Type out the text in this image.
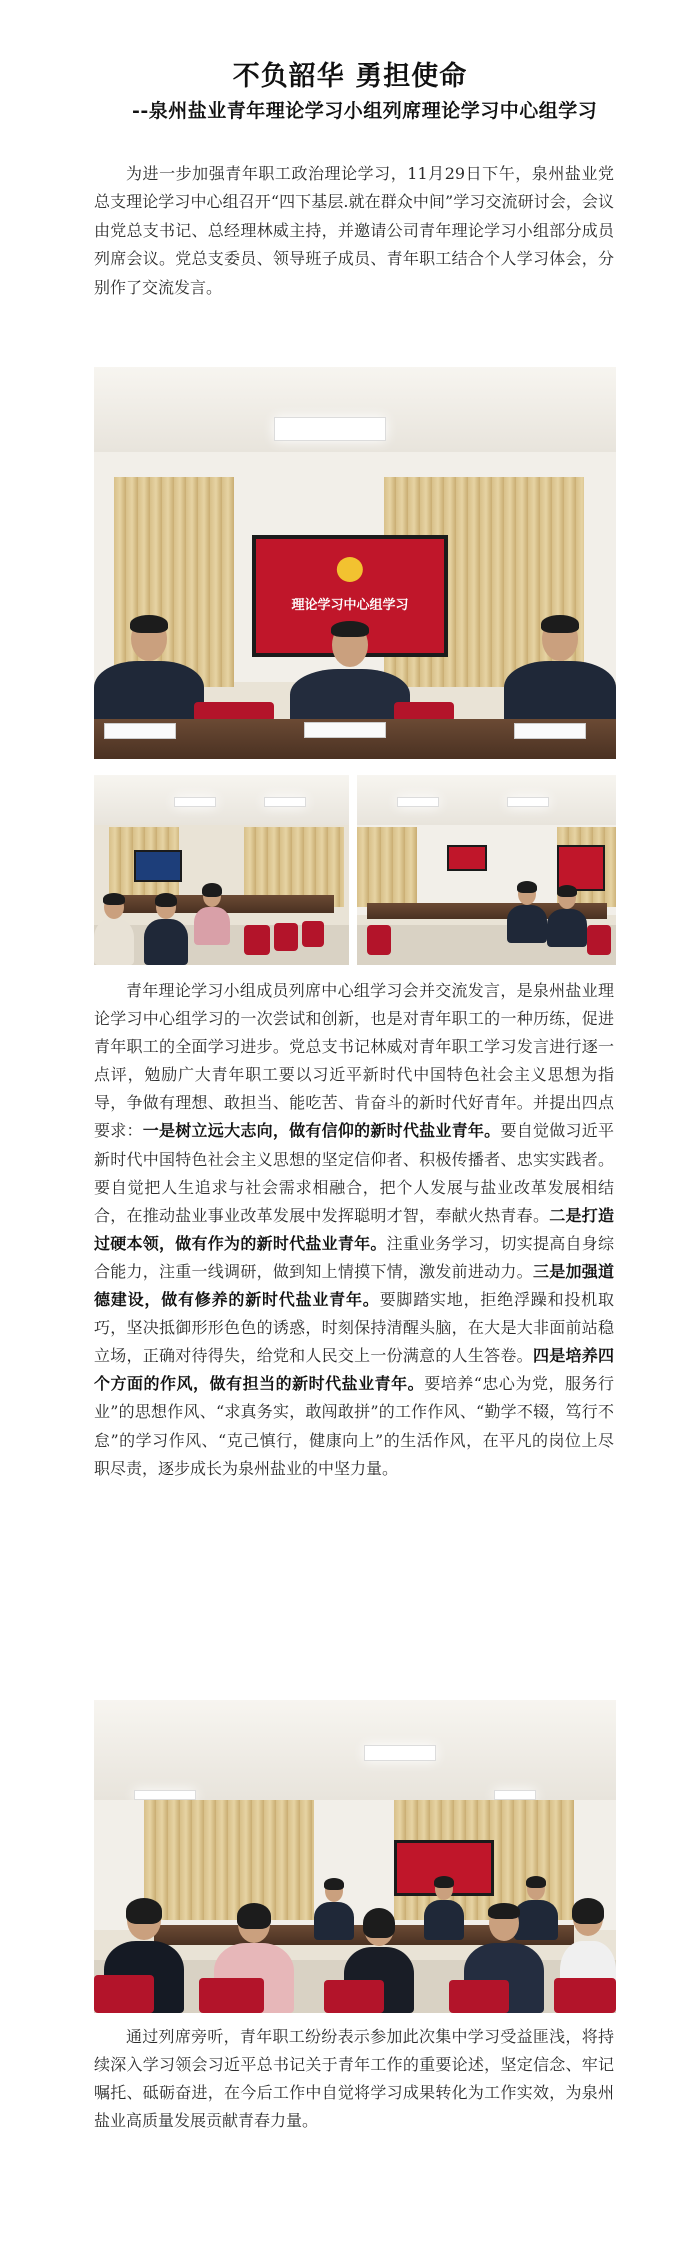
不负韶华 勇担使命

--泉州盐业青年理论学习小组列席理论学习中心组学习

为进一步加强青年职工政治理论学习，11月29日下午，泉州盐业党总支理论学习中心组召开“四下基层.就在群众中间”学习交流研讨会，会议由党总支书记、总经理林威主持，并邀请公司青年理论学习小组部分成员列席会议。党总支委员、领导班子成员、青年职工结合个人学习体会，分别作了交流发言。

理论学习中心组学习

青年理论学习小组成员列席中心组学习会并交流发言，是泉州盐业理论学习中心组学习的一次尝试和创新，也是对青年职工的一种历练，促进青年职工的全面学习进步。党总支书记林威对青年职工学习发言进行逐一点评，勉励广大青年职工要以习近平新时代中国特色社会主义思想为指导，争做有理想、敢担当、能吃苦、肯奋斗的新时代好青年。并提出四点要求：一是树立远大志向，做有信仰的新时代盐业青年。要自觉做习近平新时代中国特色社会主义思想的坚定信仰者、积极传播者、忠实实践者。要自觉把人生追求与社会需求相融合，把个人发展与盐业改革发展相结合，在推动盐业事业改革发展中发挥聪明才智，奉献火热青春。二是打造过硬本领，做有作为的新时代盐业青年。注重业务学习，切实提高自身综合能力，注重一线调研，做到知上情摸下情，激发前进动力。三是加强道德建设，做有修养的新时代盐业青年。要脚踏实地，拒绝浮躁和投机取巧，坚决抵御形形色色的诱惑，时刻保持清醒头脑，在大是大非面前站稳立场，正确对待得失，给党和人民交上一份满意的人生答卷。四是培养四个方面的作风，做有担当的新时代盐业青年。要培养“忠心为党，服务行业”的思想作风、“求真务实，敢闯敢拼”的工作作风、“勤学不辍，笃行不怠”的学习作风、“克己慎行，健康向上”的生活作风，在平凡的岗位上尽职尽责，逐步成长为泉州盐业的中坚力量。

通过列席旁听，青年职工纷纷表示参加此次集中学习受益匪浅，将持续深入学习领会习近平总书记关于青年工作的重要论述，坚定信念、牢记嘱托、砥砺奋进，在今后工作中自觉将学习成果转化为工作实效，为泉州盐业高质量发展贡献青春力量。
